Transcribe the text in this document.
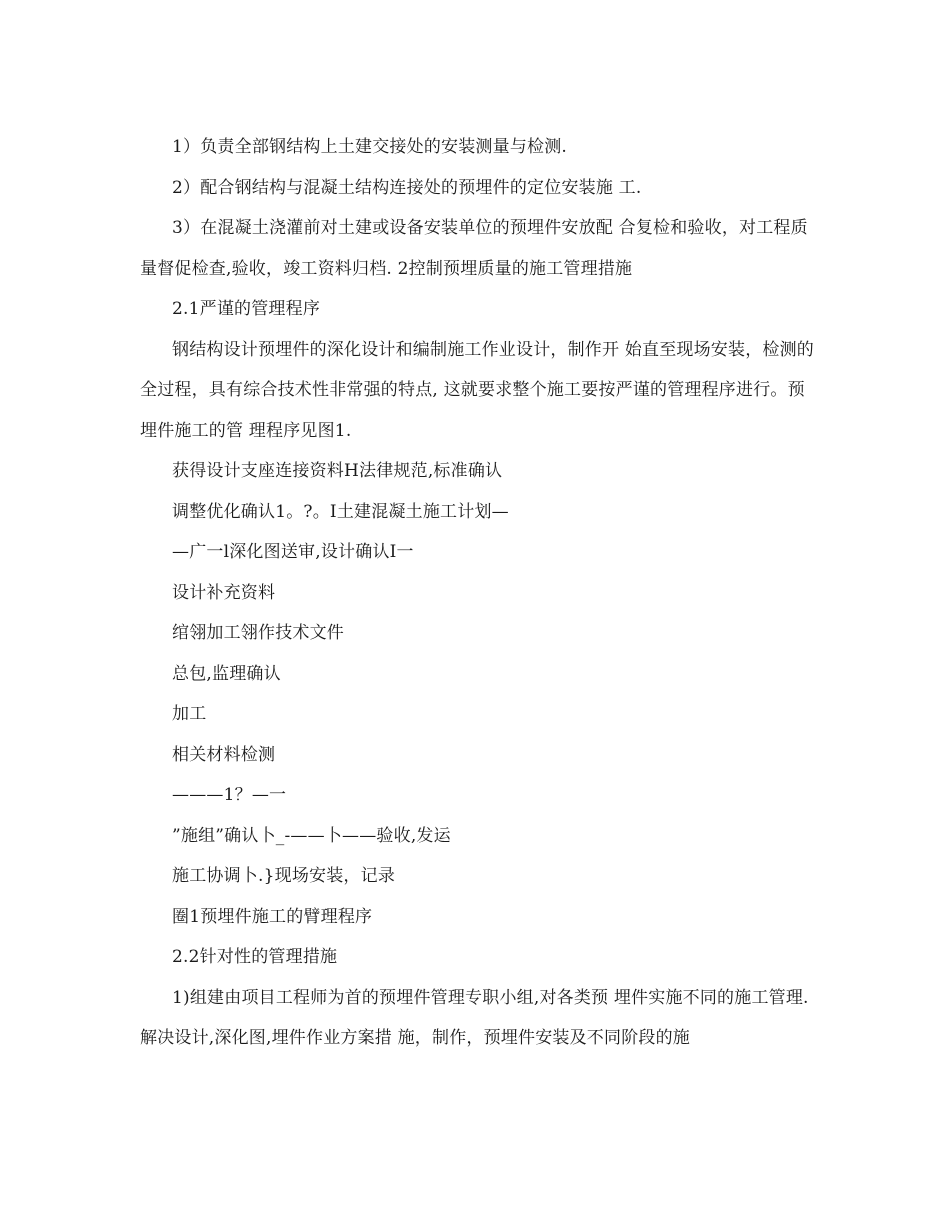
1）负责全部钢结构上土建交接处的安装测量与检测.

2）配合钢结构与混凝土结构连接处的预埋件的定位安装施 工.

3）在混凝土浇灌前对土建或设备安装单位的预埋件安放配 合复检和验收，对工程质量督促检查,验收，竣工资料归档. 2控制预埋质量的施工管理措施

2.1严谨的管理程序

钢结构设计预埋件的深化设计和编制施工作业设计，制作开 始直至现场安装，检测的全过程，具有综合技术性非常强的特点, 这就要求整个施工要按严谨的管理程序进行。预埋件施工的管 理程序见图1.

获得设计支座连接资料H法律规范,标准确认

调整优化确认1。?。I土建混凝土施工计划—

—广一l深化图送审,设计确认I一

设计补充资料

绾翎加工翎作技术文件

总包,监理确认

加工

相关材料检测

———1？—一

”施组”确认卜_-——卜——验收,发运

施工协调卜.}现场安装，记录

圈1预埋件施工的臂理程序

2.2针对性的管理措施

1)组建由项目工程师为首的预埋件管理专职小组,对各类预 埋件实施不同的施工管理.解决设计,深化图,埋件作业方案措 施，制作，预埋件安装及不同阶段的施
